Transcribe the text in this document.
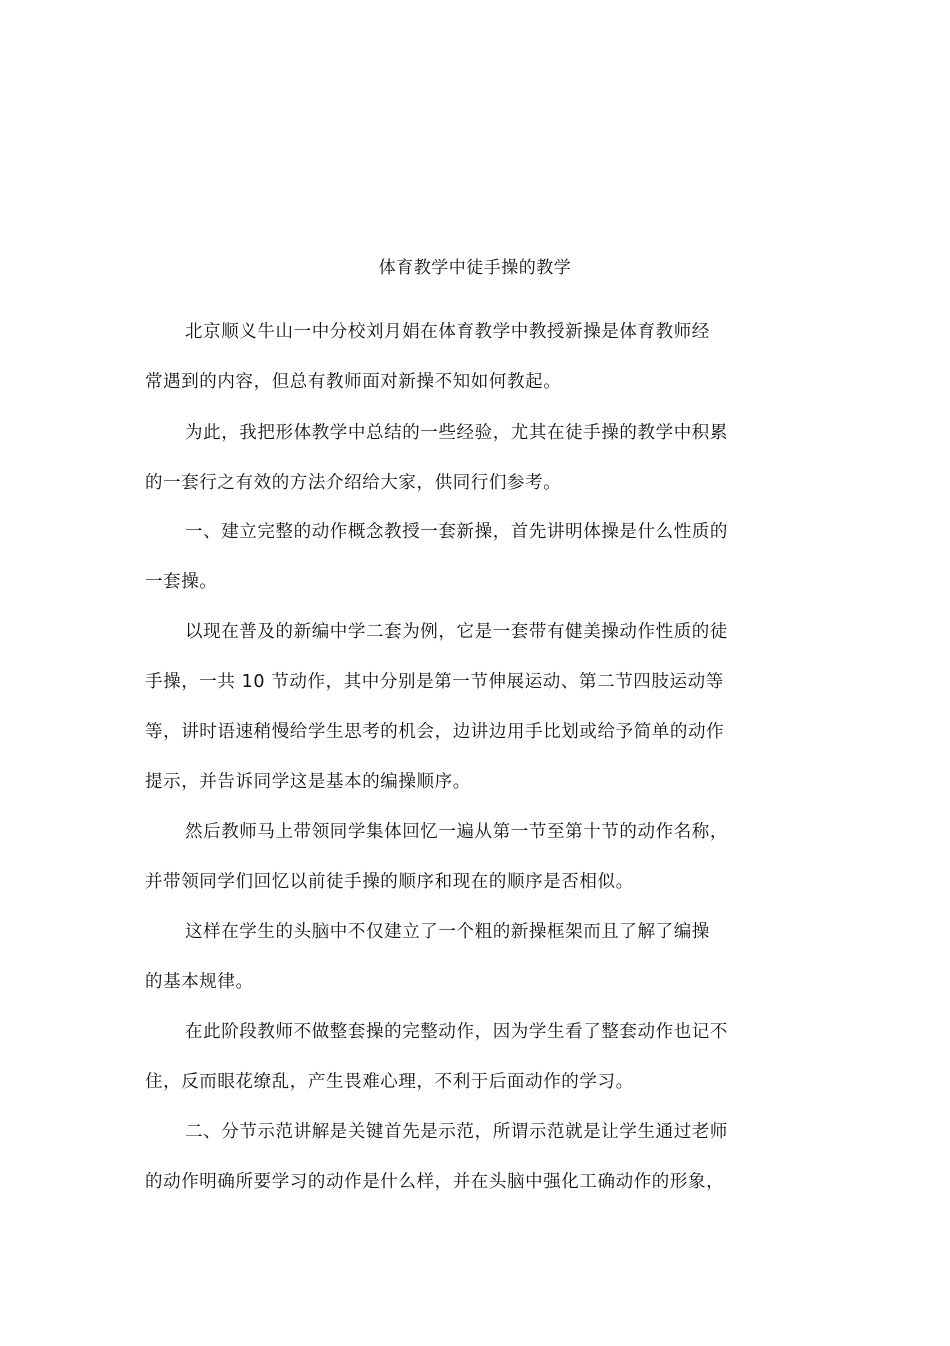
体育教学中徒手操的教学
北京顺义牛山一中分校刘月娟在体育教学中教授新操是体育教师经
常遇到的内容，但总有教师面对新操不知如何教起。
为此，我把形体教学中总结的一些经验，尤其在徒手操的教学中积累
的一套行之有效的方法介绍给大家，供同行们参考。
一、建立完整的动作概念教授一套新操，首先讲明体操是什么性质的
一套操。
以现在普及的新编中学二套为例，它是一套带有健美操动作性质的徒
手操，一共 10 节动作，其中分别是第一节伸展运动、第二节四肢运动等
等，讲时语速稍慢给学生思考的机会，边讲边用手比划或给予简单的动作
提示，并告诉同学这是基本的编操顺序。
然后教师马上带领同学集体回忆一遍从第一节至第十节的动作名称，
并带领同学们回忆以前徒手操的顺序和现在的顺序是否相似。
这样在学生的头脑中不仅建立了一个粗的新操框架而且了解了编操
的基本规律。
在此阶段教师不做整套操的完整动作，因为学生看了整套动作也记不
住，反而眼花缭乱，产生畏难心理，不利于后面动作的学习。
二、分节示范讲解是关键首先是示范，所谓示范就是让学生通过老师
的动作明确所要学习的动作是什么样，并在头脑中强化工确动作的形象，
